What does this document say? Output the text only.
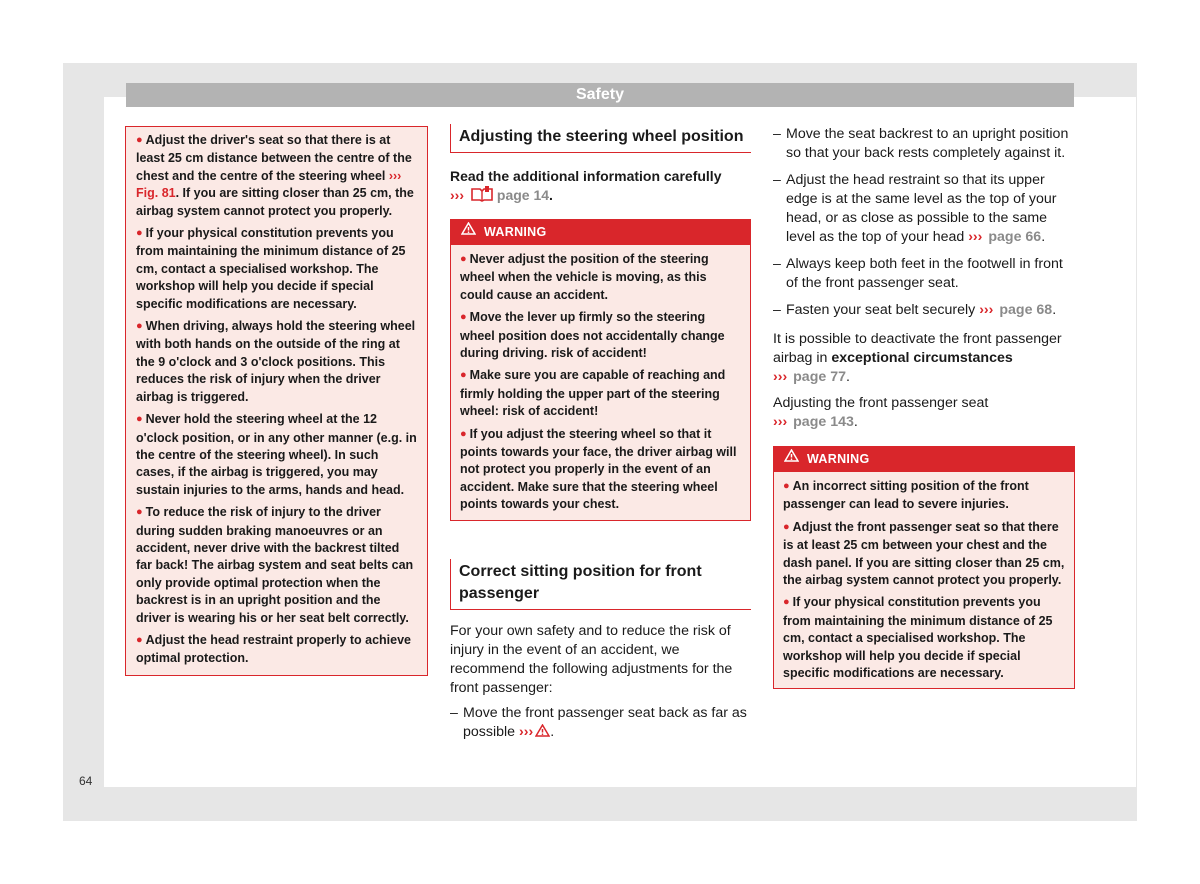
Safety
● Adjust the driver's seat so that there is at least 25 cm distance between the centre of the chest and the centre of the steering wheel ››› Fig. 81. If you are sitting closer than 25 cm, the airbag system cannot protect you properly.
● If your physical constitution prevents you from maintaining the minimum distance of 25 cm, contact a specialised workshop. The workshop will help you decide if special specific modifications are necessary.
● When driving, always hold the steering wheel with both hands on the outside of the ring at the 9 o'clock and 3 o'clock positions. This reduces the risk of injury when the driver airbag is triggered.
● Never hold the steering wheel at the 12 o'clock position, or in any other manner (e.g. in the centre of the steering wheel). In such cases, if the airbag is triggered, you may sustain injuries to the arms, hands and head.
● To reduce the risk of injury to the driver during sudden braking manoeuvres or an accident, never drive with the backrest tilted far back! The airbag system and seat belts can only provide optimal protection when the backrest is in an upright position and the driver is wearing his or her seat belt correctly.
● Adjust the head restraint properly to achieve optimal protection.
Adjusting the steering wheel position
Read the additional information carefully
››› page 14.
WARNING
● Never adjust the position of the steering wheel when the vehicle is moving, as this could cause an accident.
● Move the lever up firmly so the steering wheel position does not accidentally change during driving. risk of accident!
● Make sure you are capable of reaching and firmly holding the upper part of the steering wheel: risk of accident!
● If you adjust the steering wheel so that it points towards your face, the driver airbag will not protect you properly in the event of an accident. Make sure that the steering wheel points towards your chest.
Correct sitting position for front passenger
For your own safety and to reduce the risk of injury in the event of an accident, we recommend the following adjustments for the front passenger:
– Move the front passenger seat back as far as possible ››› .
– Move the seat backrest to an upright position so that your back rests completely against it.
– Adjust the head restraint so that its upper edge is at the same level as the top of your head, or as close as possible to the same level as the top of your head ››› page 66.
– Always keep both feet in the footwell in front of the front passenger seat.
– Fasten your seat belt securely ››› page 68.
It is possible to deactivate the front passenger airbag in exceptional circumstances
››› page 77.
Adjusting the front passenger seat
››› page 143.
WARNING
● An incorrect sitting position of the front passenger can lead to severe injuries.
● Adjust the front passenger seat so that there is at least 25 cm between your chest and the dash panel. If you are sitting closer than 25 cm, the airbag system cannot protect you properly.
● If your physical constitution prevents you from maintaining the minimum distance of 25 cm, contact a specialised workshop. The workshop will help you decide if special specific modifications are necessary.
64
